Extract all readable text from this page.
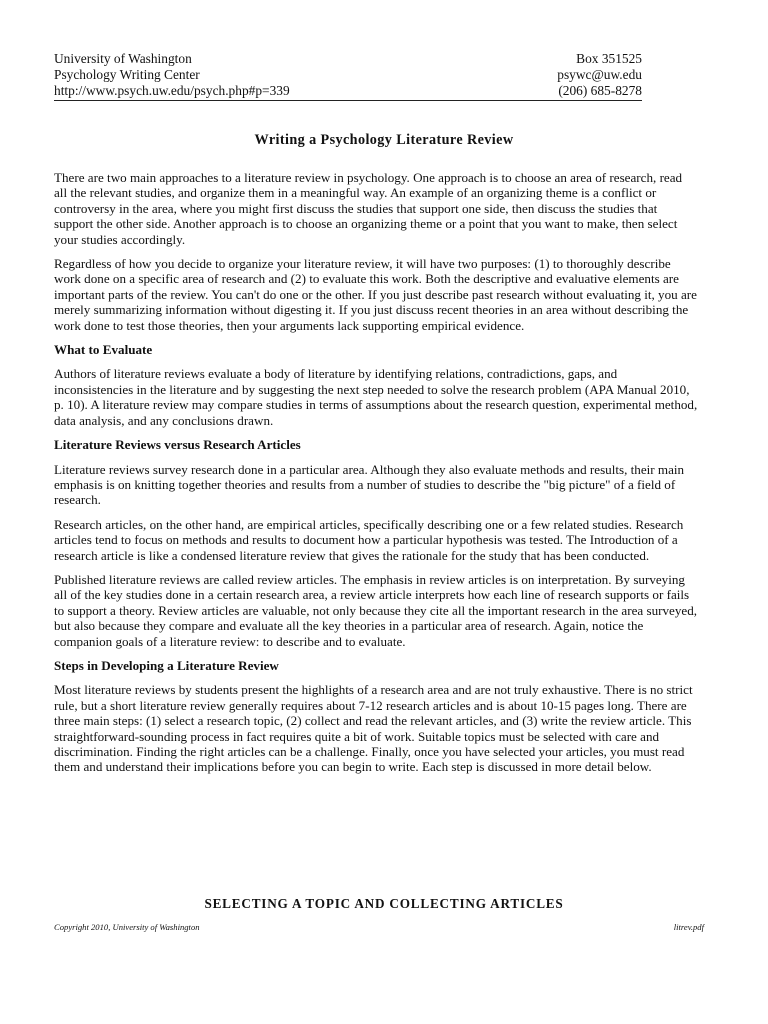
University of Washington
Psychology Writing Center
http://www.psych.uw.edu/psych.php#p=339
Box 351525
psywc@uw.edu
(206) 685-8278
Writing a Psychology Literature Review

There are two main approaches to a literature review in psychology. One approach is to choose an area of research, read all the relevant studies, and organize them in a meaningful way. An example of an organizing theme is a conflict or controversy in the area, where you might first discuss the studies that support one side, then discuss the studies that support the other side. Another approach is to choose an organizing theme or a point that you want to make, then select your studies accordingly.

Regardless of how you decide to organize your literature review, it will have two purposes: (1) to thoroughly describe work done on a specific area of research and (2) to evaluate this work. Both the descriptive and evaluative elements are important parts of the review. You can't do one or the other. If you just describe past research without evaluating it, you are merely summarizing information without digesting it. If you just discuss recent theories in an area without describing the work done to test those theories, then your arguments lack supporting empirical evidence.

What to Evaluate

Authors of literature reviews evaluate a body of literature by identifying relations, contradictions, gaps, and inconsistencies in the literature and by suggesting the next step needed to solve the research problem (APA Manual 2010, p. 10). A literature review may compare studies in terms of assumptions about the research question, experimental method, data analysis, and any conclusions drawn.

Literature Reviews versus Research Articles

Literature reviews survey research done in a particular area. Although they also evaluate methods and results, their main emphasis is on knitting together theories and results from a number of studies to describe the "big picture" of a field of research.

Research articles, on the other hand, are empirical articles, specifically describing one or a few related studies. Research articles tend to focus on methods and results to document how a particular hypothesis was tested. The Introduction of a research article is like a condensed literature review that gives the rationale for the study that has been conducted.

Published literature reviews are called review articles. The emphasis in review articles is on interpretation. By surveying all of the key studies done in a certain research area, a review article interprets how each line of research supports or fails to support a theory. Review articles are valuable, not only because they cite all the important research in the area surveyed, but also because they compare and evaluate all the key theories in a particular area of research. Again, notice the companion goals of a literature review: to describe and to evaluate.

Steps in Developing a Literature Review

Most literature reviews by students present the highlights of a research area and are not truly exhaustive. There is no strict rule, but a short literature review generally requires about 7-12 research articles and is about 10-15 pages long. There are three main steps: (1) select a research topic, (2) collect and read the relevant articles, and (3) write the review article. This straightforward-sounding process in fact requires quite a bit of work. Suitable topics must be selected with care and discrimination. Finding the right articles can be a challenge. Finally, once you have selected your articles, you must read them and understand their implications before you can begin to write. Each step is discussed in more detail below.

SELECTING A TOPIC AND COLLECTING ARTICLES
Copyright 2010, University of Washington	litrev.pdf
